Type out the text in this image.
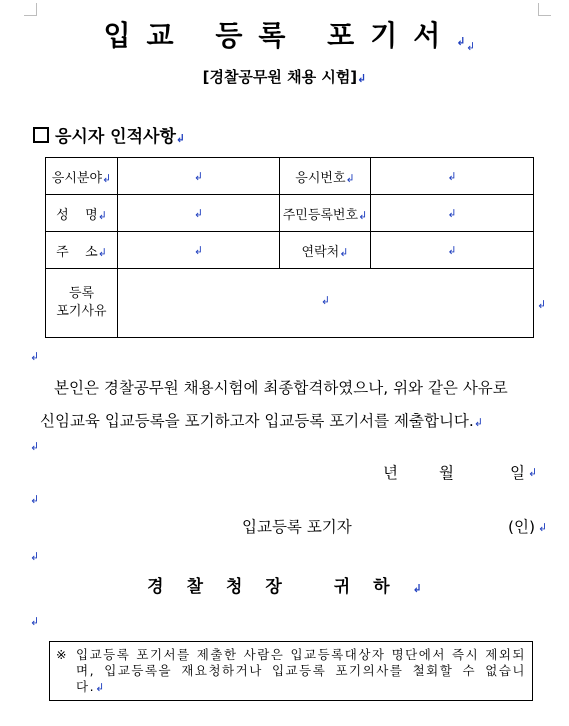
입교 등록 포기서↲ ↲
[경찰공무원 채용 시험]↲
응시자 인적사항↲
응시분야↲	↲	응시번호↲	↲
성    명↲	↲	주민등록번호↲	↲
주    소↲	↲	연락처↲	↲

등록
포기사유	↲			↲
↲
본인은 경찰공무원 채용시험에 최종합격하였으나, 위와 같은 사유로
신임교육 입교등록을 포기하고자 입교등록 포기서를 제출합니다.↲
↲
년	월	일 ↲
↲
입교등록 포기자	(인) ↲
↲
경찰청장 귀하↲
↲
※ 입교등록 포기서를 제출한 사람은 입교등록대상자 명단에서 즉시 제외되며, 입교등록을 재요청하거나 입교등록 포기의사를 철회할 수 없습니다.↲
